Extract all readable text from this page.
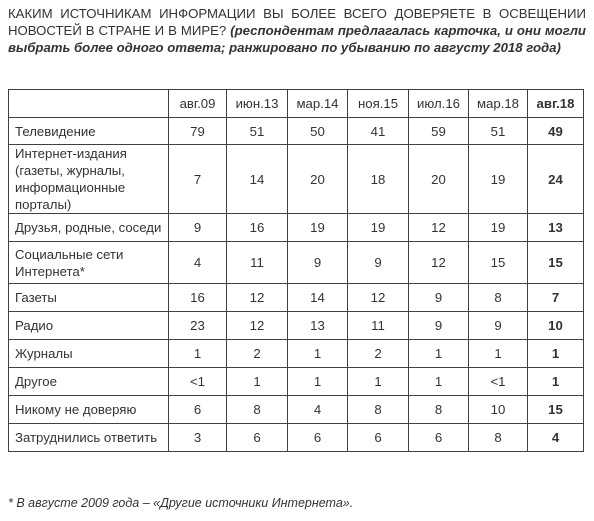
КАКИМ ИСТОЧНИКАМ ИНФОРМАЦИИ ВЫ БОЛЕЕ ВСЕГО ДОВЕРЯЕТЕ В ОСВЕЩЕНИИ НОВОСТЕЙ В СТРАНЕ И В МИРЕ? (респондентам предлагалась карточка, и они могли выбрать более одного ответа; ранжировано по убыванию по августу 2018 года)
	авг.09	июн.13	мар.14	ноя.15	июл.16	мар.18	авг.18
Телевидение	79	51	50	41	59	51	49
Интернет-издания (газеты, журналы, информационные порталы)	7	14	20	18	20	19	24
Друзья, родные, соседи	9	16	19	19	12	19	13
Социальные сети Интернета*	4	11	9	9	12	15	15
Газеты	16	12	14	12	9	8	7
Радио	23	12	13	11	9	9	10
Журналы	1	2	1	2	1	1	1
Другое	<1	1	1	1	1	<1	1
Никому не доверяю	6	8	4	8	8	10	15
Затруднились ответить	3	6	6	6	6	8	4
* В августе 2009 года – «Другие источники Интернета».
